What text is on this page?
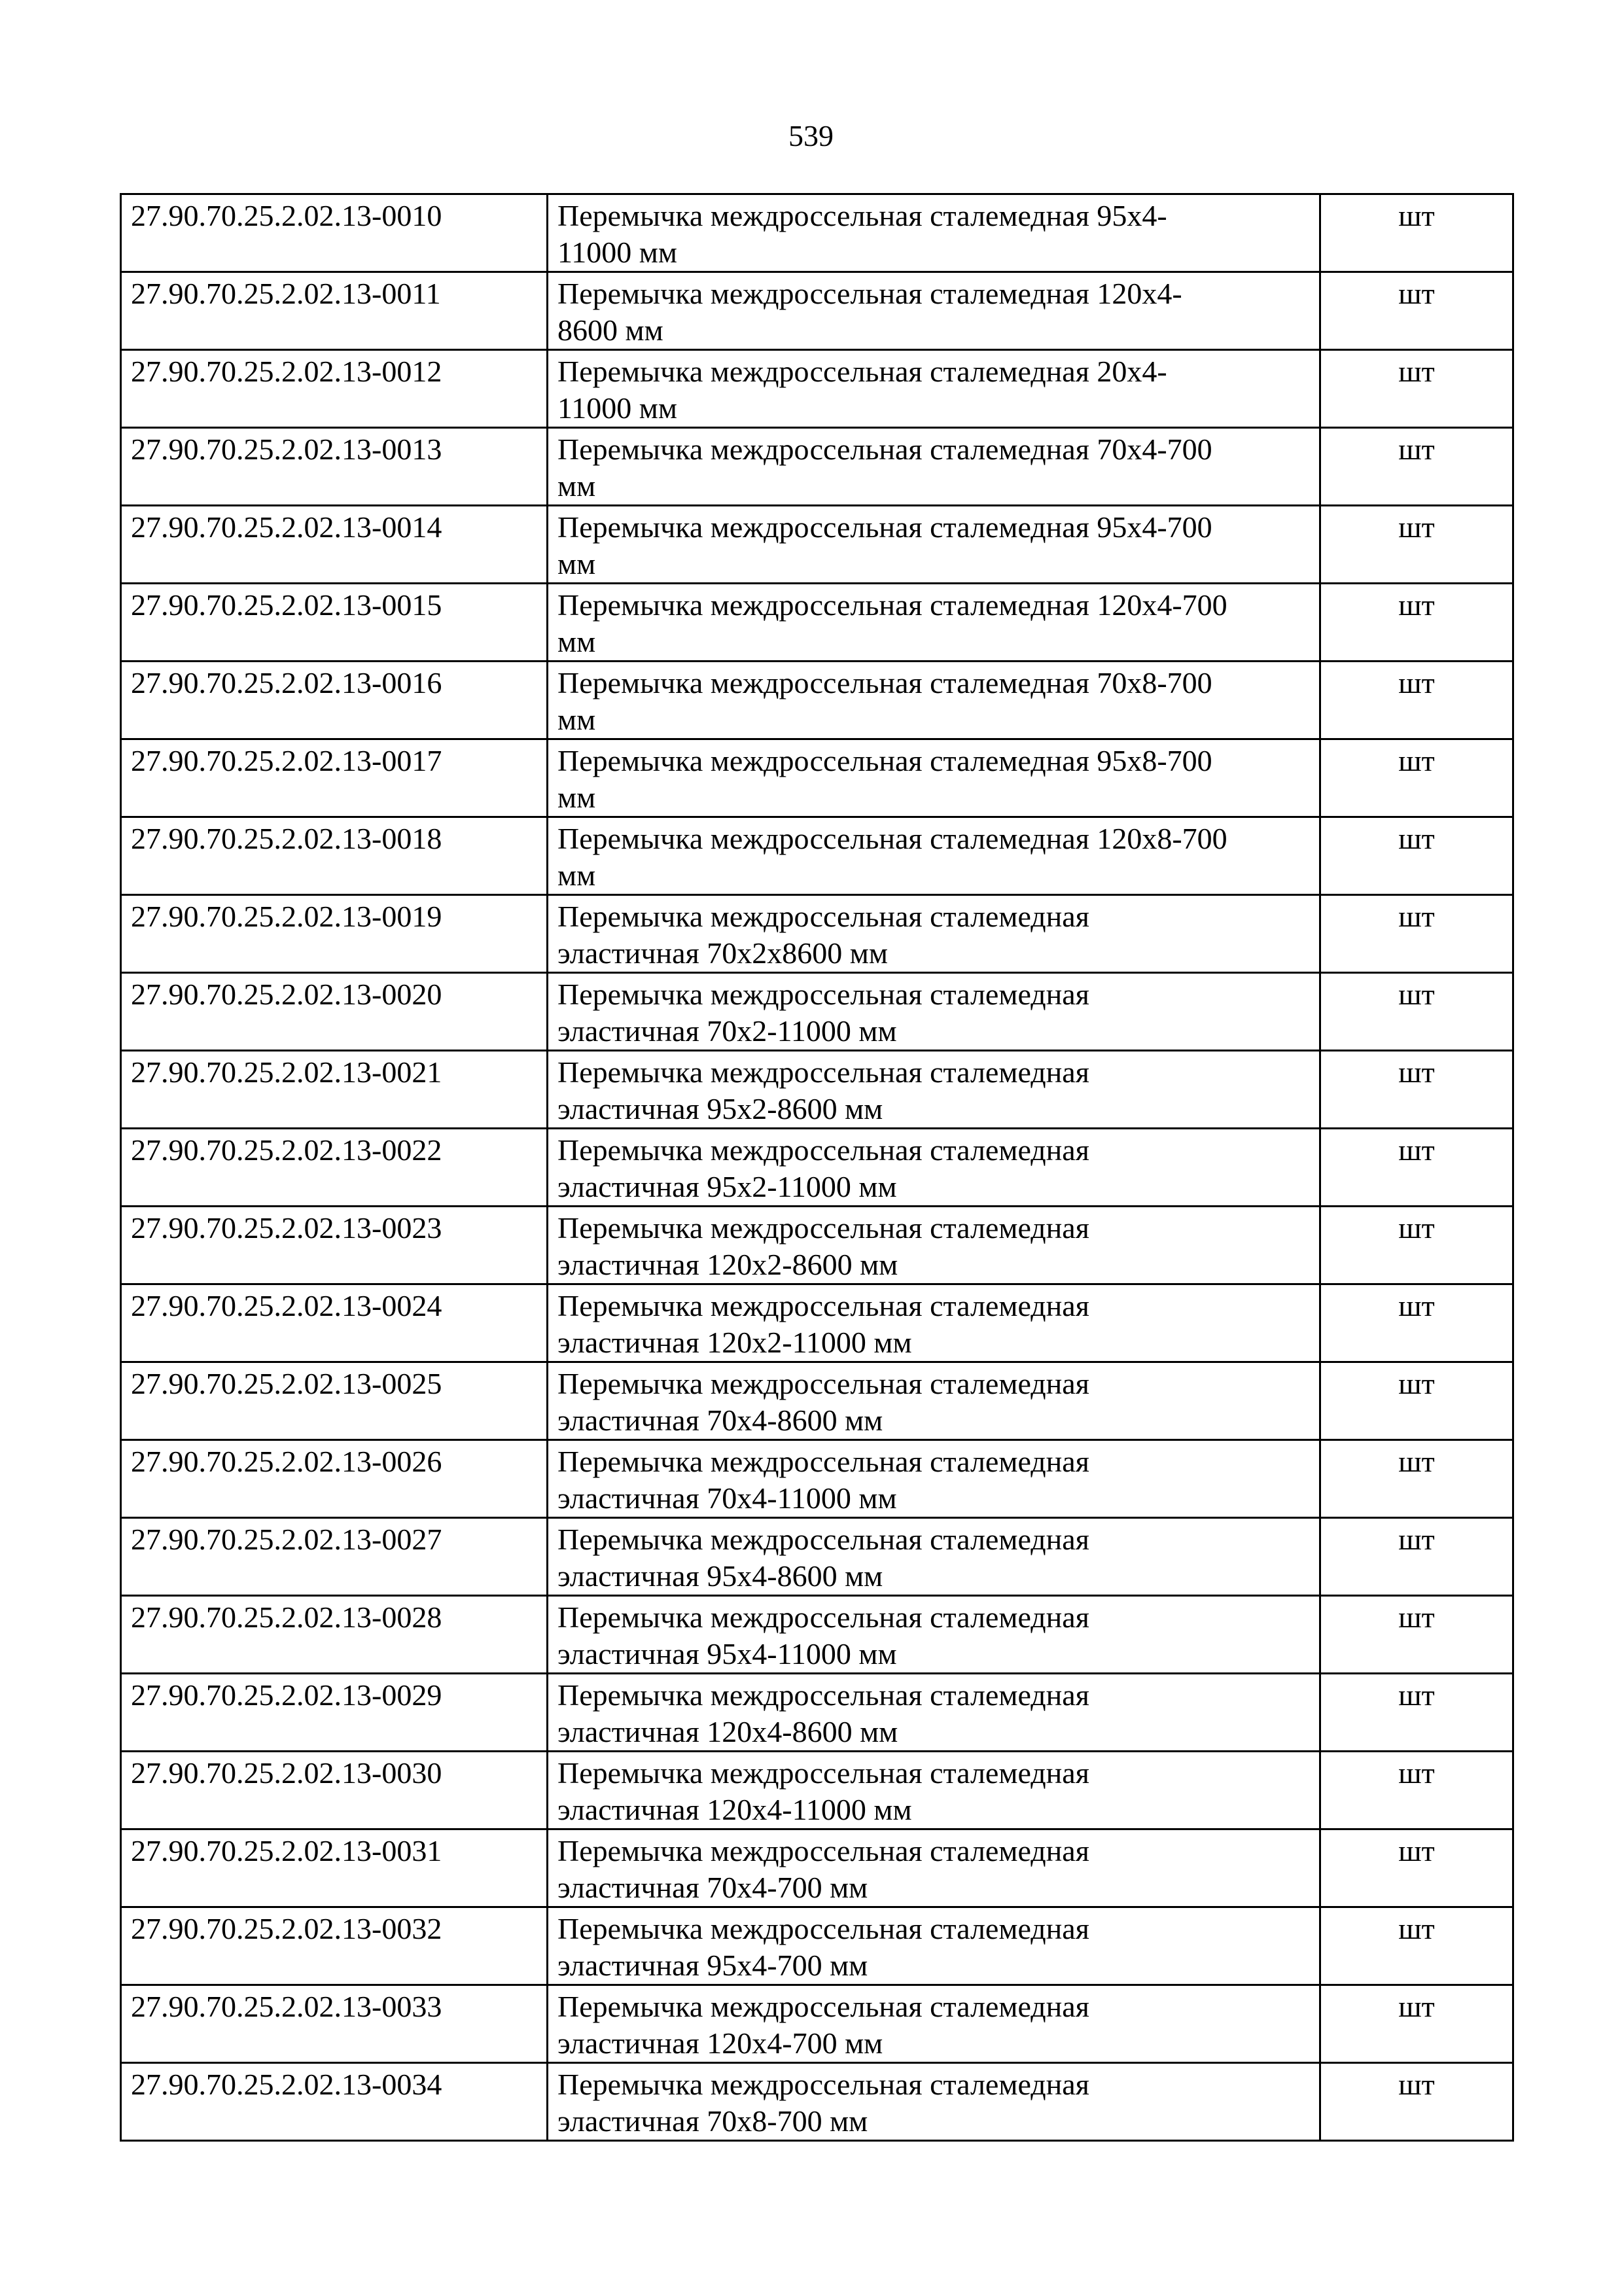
539
27.90.70.25.2.02.13-0010	Перемычка междроссельная сталемедная 95х4-
11000 мм	шт

27.90.70.25.2.02.13-0011	Перемычка междроссельная сталемедная 120х4-
8600 мм	шт

27.90.70.25.2.02.13-0012	Перемычка междроссельная сталемедная 20х4-
11000 мм	шт

27.90.70.25.2.02.13-0013	Перемычка междроссельная сталемедная 70х4-700
мм	шт

27.90.70.25.2.02.13-0014	Перемычка междроссельная сталемедная 95х4-700
мм	шт

27.90.70.25.2.02.13-0015	Перемычка междроссельная сталемедная 120х4-700
мм	шт

27.90.70.25.2.02.13-0016	Перемычка междроссельная сталемедная 70х8-700
мм	шт

27.90.70.25.2.02.13-0017	Перемычка междроссельная сталемедная 95х8-700
мм	шт

27.90.70.25.2.02.13-0018	Перемычка междроссельная сталемедная 120х8-700
мм	шт

27.90.70.25.2.02.13-0019	Перемычка междроссельная сталемедная
эластичная 70х2х8600 мм	шт

27.90.70.25.2.02.13-0020	Перемычка междроссельная сталемедная
эластичная 70х2-11000 мм	шт

27.90.70.25.2.02.13-0021	Перемычка междроссельная сталемедная
эластичная 95х2-8600 мм	шт

27.90.70.25.2.02.13-0022	Перемычка междроссельная сталемедная
эластичная 95х2-11000 мм	шт

27.90.70.25.2.02.13-0023	Перемычка междроссельная сталемедная
эластичная 120х2-8600 мм	шт

27.90.70.25.2.02.13-0024	Перемычка междроссельная сталемедная
эластичная 120х2-11000 мм	шт

27.90.70.25.2.02.13-0025	Перемычка междроссельная сталемедная
эластичная 70х4-8600 мм	шт

27.90.70.25.2.02.13-0026	Перемычка междроссельная сталемедная
эластичная 70х4-11000 мм	шт

27.90.70.25.2.02.13-0027	Перемычка междроссельная сталемедная
эластичная 95х4-8600 мм	шт

27.90.70.25.2.02.13-0028	Перемычка междроссельная сталемедная
эластичная 95х4-11000 мм	шт

27.90.70.25.2.02.13-0029	Перемычка междроссельная сталемедная
эластичная 120х4-8600 мм	шт

27.90.70.25.2.02.13-0030	Перемычка междроссельная сталемедная
эластичная 120х4-11000 мм	шт

27.90.70.25.2.02.13-0031	Перемычка междроссельная сталемедная
эластичная 70х4-700 мм	шт

27.90.70.25.2.02.13-0032	Перемычка междроссельная сталемедная
эластичная 95х4-700 мм	шт

27.90.70.25.2.02.13-0033	Перемычка междроссельная сталемедная
эластичная 120х4-700 мм	шт

27.90.70.25.2.02.13-0034	Перемычка междроссельная сталемедная
эластичная 70х8-700 мм	шт
